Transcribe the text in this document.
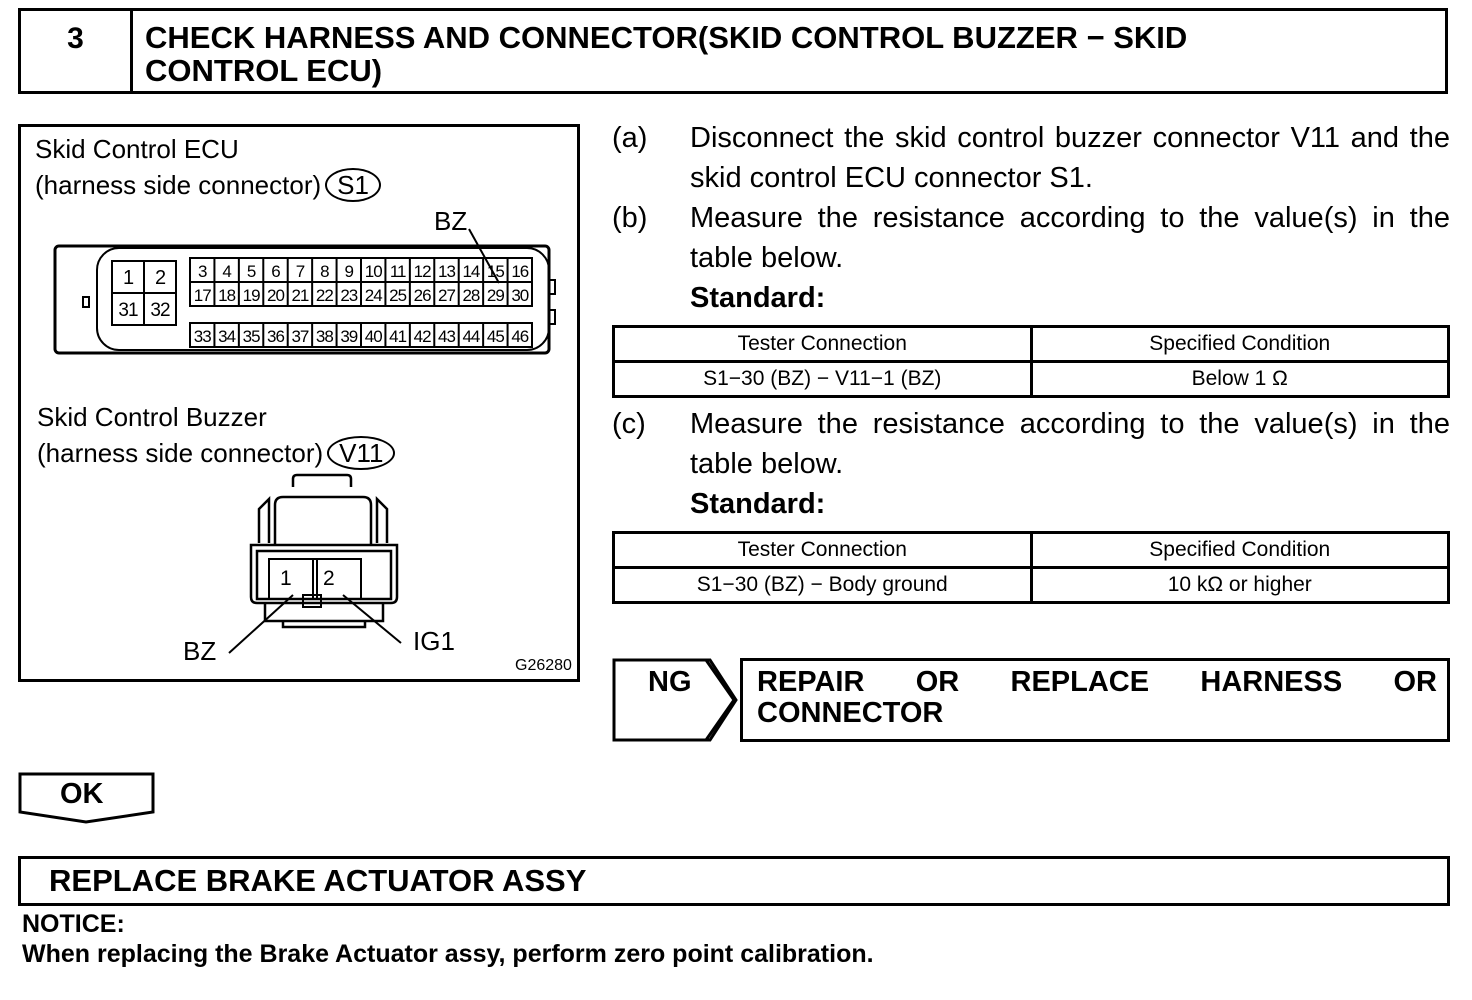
3	CHECK HARNESS AND CONNECTOR(SKID CONTROL BUZZER − SKID
CONTROL ECU)
Skid Control ECU
(harness side connector) S1
3 4 5 6 7 8 9 10 11 12 13 14 15 16
17 18 19 20 21 22 23 24 25 26 27 28 29 30
33 34 35 36 37 38 39 40 41 42 43 44 45 46
1 2
31 32
1 2
BZ
Skid Control Buzzer
(harness side connector) V11
BZ	IG1
G26280
(a)	Disconnect the skid control buzzer connector V11 and the
skid control ECU connector S1.
(b)	Measure the resistance according to the value(s) in the
table below.
Standard:
Tester Connection	Specified Condition
S1−30 (BZ) − V11−1 (BZ)	Below 1 Ω
(c)	Measure the resistance according to the value(s) in the
table below.
Standard:
Tester Connection	Specified Condition
S1−30 (BZ) − Body ground	10 kΩ or higher
NG REPAIR OR REPLACE HARNESS OR
CONNECTOR
OK
REPLACE BRAKE ACTUATOR ASSY
NOTICE:
When replacing the Brake Actuator assy, perform zero point calibration.
